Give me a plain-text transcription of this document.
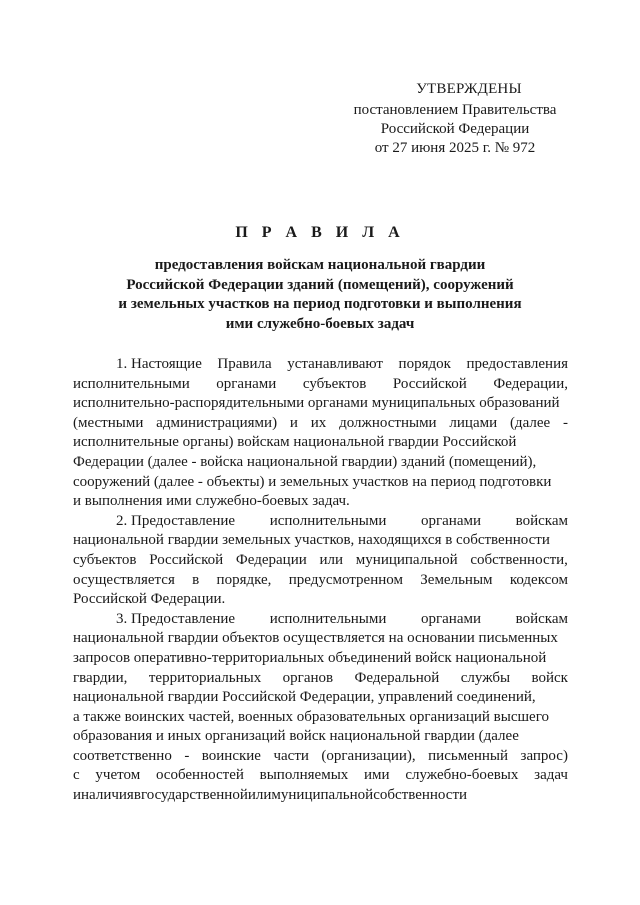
УТВЕРЖДЕНЫ
постановлением Правительства
Российской Федерации
от 27 июня 2025 г. № 972
П Р А В И Л А
предоставления войскам национальной гвардии
Российской Федерации зданий (помещений), сооружений
и земельных участков на период подготовки и выполнения
ими служебно-боевых задач
1. Настоящие Правила устанавливают порядок предоставления
исполнительными органами субъектов Российской Федерации,
исполнительно-распорядительными органами муниципальных образований
(местными администрациями) и их должностными лицами (далее -
исполнительные органы) войскам национальной гвардии Российской
Федерации (далее - войска национальной гвардии) зданий (помещений),
сооружений (далее - объекты) и земельных участков на период подготовки
и выполнения ими служебно-боевых задач.
2. Предоставление исполнительными органами войскам
национальной гвардии земельных участков, находящихся в собственности
субъектов Российской Федерации или муниципальной собственности,
осуществляется в порядке, предусмотренном Земельным кодексом
Российской Федерации.
3. Предоставление исполнительными органами войскам
национальной гвардии объектов осуществляется на основании письменных
запросов оперативно-территориальных объединений войск национальной
гвардии, территориальных органов Федеральной службы войск
национальной гвардии Российской Федерации, управлений соединений,
а также воинских частей, военных образовательных организаций высшего
образования и иных организаций войск национальной гвардии (далее
соответственно - воинские части (организации), письменный запрос)
с учетом особенностей выполняемых ими служебно-боевых задач
и наличия в государственной или муниципальной собственности
